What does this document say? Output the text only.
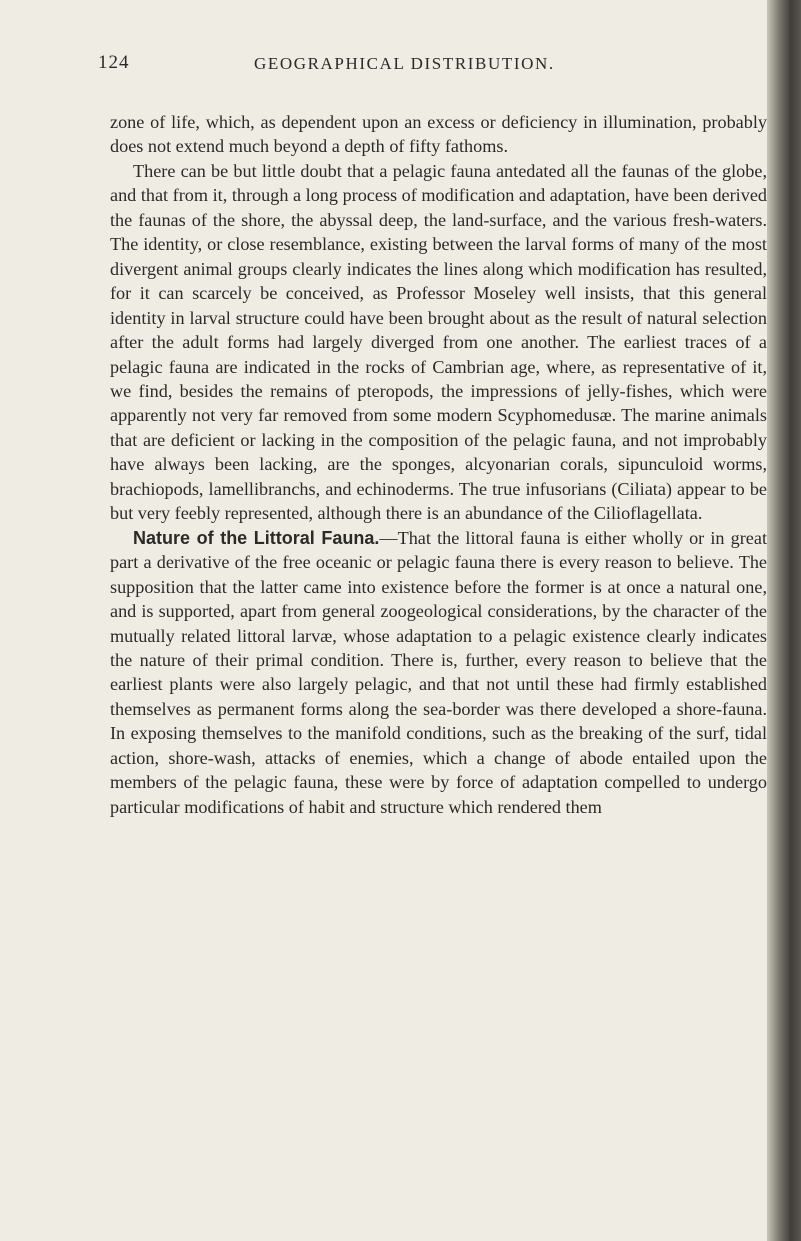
124	GEOGRAPHICAL DISTRIBUTION.

zone of life, which, as dependent upon an excess or deficiency in illumination, probably does not extend much beyond a depth of fifty fathoms.

There can be but little doubt that a pelagic fauna antedated all the faunas of the globe, and that from it, through a long process of modification and adaptation, have been derived the faunas of the shore, the abyssal deep, the land-surface, and the various fresh-waters. The identity, or close resemblance, existing between the larval forms of many of the most divergent animal groups clearly indicates the lines along which modification has resulted, for it can scarcely be conceived, as Professor Moseley well insists, that this general identity in larval structure could have been brought about as the result of natural selection after the adult forms had largely diverged from one another. The earliest traces of a pelagic fauna are indicated in the rocks of Cambrian age, where, as representative of it, we find, besides the remains of pteropods, the impressions of jelly-fishes, which were apparently not very far removed from some modern Scyphomedusæ. The marine animals that are deficient or lacking in the composition of the pelagic fauna, and not improbably have always been lacking, are the sponges, alcyonarian corals, sipunculoid worms, brachiopods, lamellibranchs, and echinoderms. The true infusorians (Ciliata) appear to be but very feebly represented, although there is an abundance of the Cilioflagellata.

Nature of the Littoral Fauna.—That the littoral fauna is either wholly or in great part a derivative of the free oceanic or pelagic fauna there is every reason to believe. The supposition that the latter came into existence before the former is at once a natural one, and is supported, apart from general zoogeological considerations, by the character of the mutually related littoral larvæ, whose adaptation to a pelagic existence clearly indicates the nature of their primal condition. There is, further, every reason to believe that the earliest plants were also largely pelagic, and that not until these had firmly established themselves as permanent forms along the sea-border was there developed a shore-fauna. In exposing themselves to the manifold conditions, such as the breaking of the surf, tidal action, shore-wash, attacks of enemies, which a change of abode entailed upon the members of the pelagic fauna, these were by force of adaptation compelled to undergo particular modifications of habit and structure which rendered them
